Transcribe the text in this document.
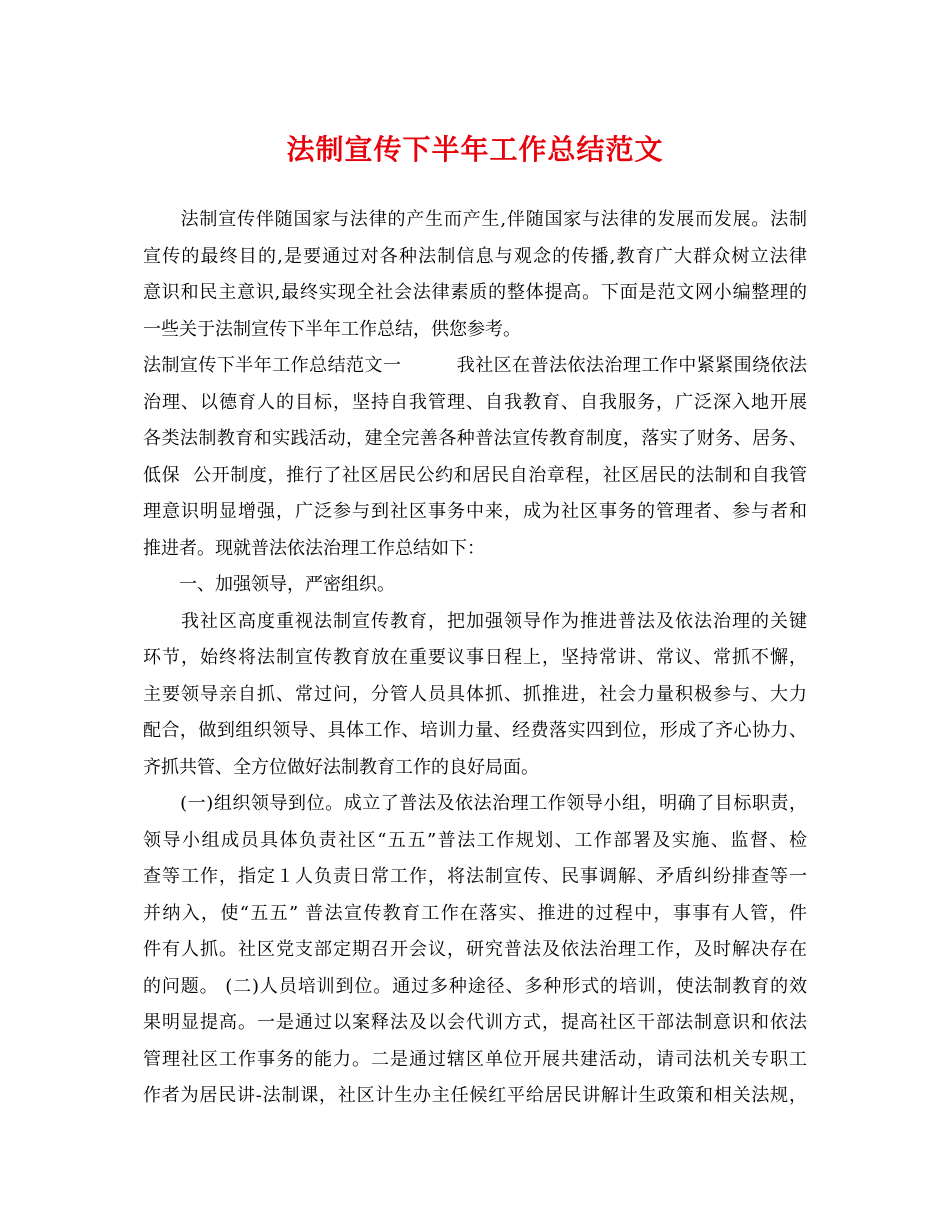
法制宣传下半年工作总结范文
　　法制宣传伴随国家与法律的产生而产生,伴随国家与法律的发展而发展。法制
宣传的最终目的,是要通过对各种法制信息与观念的传播,教育广大群众树立法律
意识和民主意识,最终实现全社会法律素质的整体提高。下面是范文网小编整理的
一些关于法制宣传下半年工作总结，供您参考。
法制宣传下半年工作总结范文一　　　我社区在普法依法治理工作中紧紧围绕依法
治理、以德育人的目标，坚持自我管理、自我教育、自我服务，广泛深入地开展
各类法制教育和实践活动，建全完善各种普法宣传教育制度，落实了财务、居务、
低保  公开制度，推行了社区居民公约和居民自治章程，社区居民的法制和自我管
理意识明显增强，广泛参与到社区事务中来，成为社区事务的管理者、参与者和
推进者。现就普法依法治理工作总结如下：
　　一、加强领导，严密组织。
　　我社区高度重视法制宣传教育，把加强领导作为推进普法及依法治理的关键
环节，始终将法制宣传教育放在重要议事日程上，坚持常讲、常议、常抓不懈，
主要领导亲自抓、常过问，分管人员具体抓、抓推进，社会力量积极参与、大力
配合，做到组织领导、具体工作、培训力量、经费落实四到位，形成了齐心协力、
齐抓共管、全方位做好法制教育工作的良好局面。
　　(一)组织领导到位。成立了普法及依法治理工作领导小组，明确了目标职责，
领导小组成员具体负责社区“五五”普法工作规划、工作部署及实施、监督、检
查等工作，指定１人负责日常工作，将法制宣传、民事调解、矛盾纠纷排查等一
并纳入，使“五五” 普法宣传教育工作在落实、推进的过程中，事事有人管，件
件有人抓。社区党支部定期召开会议，研究普法及依法治理工作，及时解决存在
的问题。 (二)人员培训到位。通过多种途径、多种形式的培训，使法制教育的效
果明显提高。一是通过以案释法及以会代训方式，提高社区干部法制意识和依法
管理社区工作事务的能力。二是通过辖区单位开展共建活动，请司法机关专职工
作者为居民讲-法制课，社区计生办主任候红平给居民讲解计生政策和相关法规，
